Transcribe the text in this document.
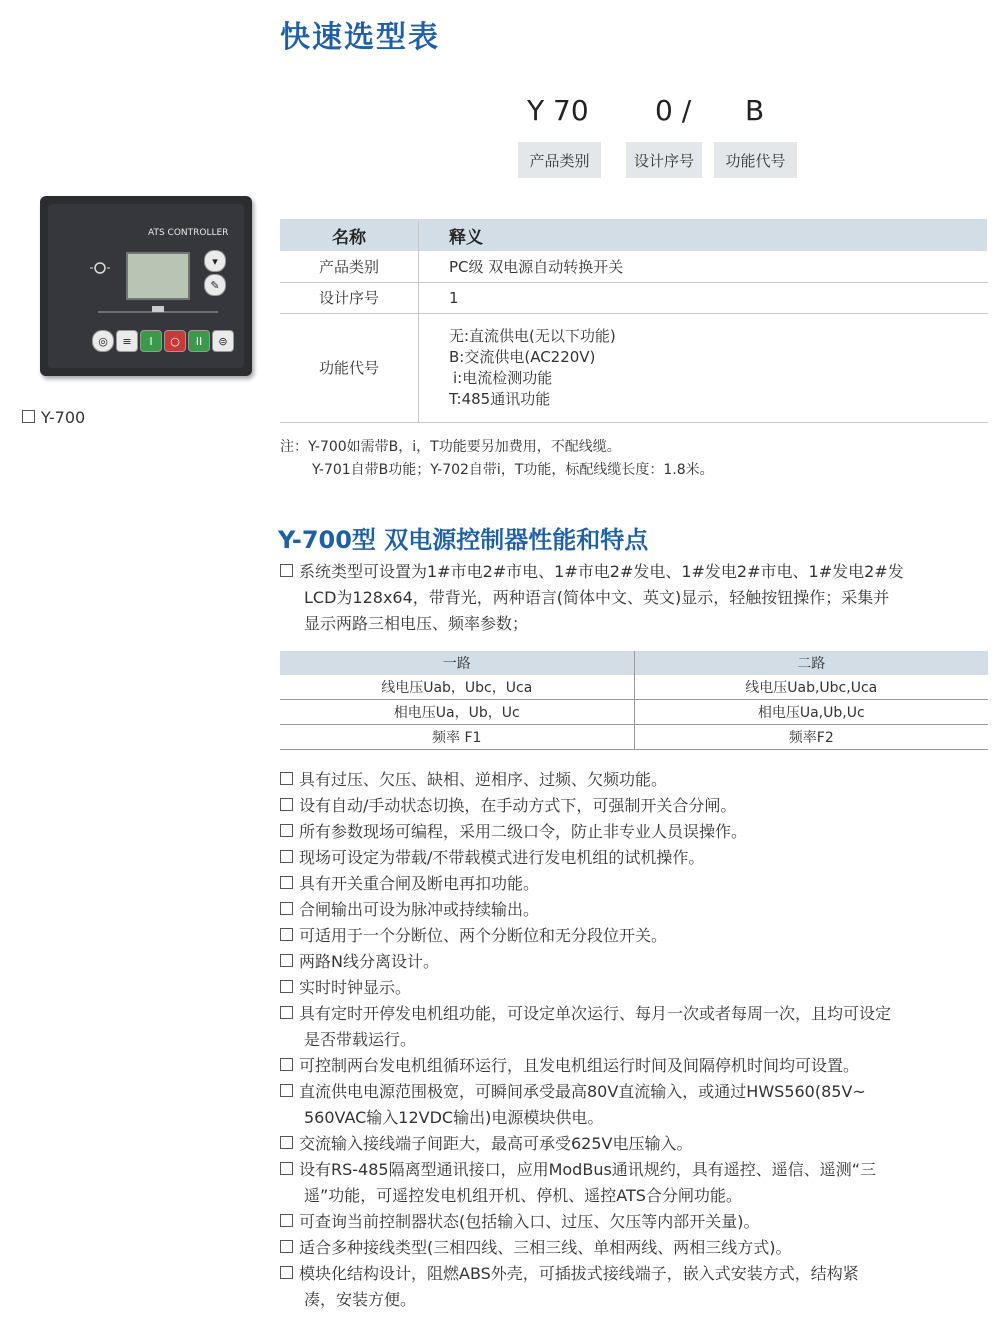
快速选型表
Y 70 0 / B
产品类别	设计序号	功能代号
ATS CONTROLLER
▾
✎
◎	≡	I	○	II	⊜
Y-700
名称	释义
产品类别	PC级 双电源自动转换开关
设计序号	1
功能代号	无:直流供电(无以下功能)
B:交流供电(AC220V)
i:电流检测功能
T:485通讯功能
注：Y-700如需带B，i，T功能要另加费用，不配线缆。
Y-701自带B功能；Y-702自带i，T功能，标配线缆长度：1.8米。
Y-700型 双电源控制器性能和特点
系统类型可设置为1#市电2#市电、1#市电2#发电、1#发电2#市电、1#发电2#发
LCD为128x64，带背光，两种语言(简体中文、英文)显示，轻触按钮操作；采集并
显示两路三相电压、频率参数；
一路	二路
线电压Uab，Ubc，Uca	线电压Uab,Ubc,Uca
相电压Ua，Ub，Uc	相电压Ua,Ub,Uc
频率 F1	频率F2
具有过压、欠压、缺相、逆相序、过频、欠频功能。
设有自动/手动状态切换，在手动方式下，可强制开关合分闸。
所有参数现场可编程，采用二级口令，防止非专业人员误操作。
现场可设定为带载/不带载模式进行发电机组的试机操作。
具有开关重合闸及断电再扣功能。
合闸输出可设为脉冲或持续输出。
可适用于一个分断位、两个分断位和无分段位开关。
两路N线分离设计。
实时时钟显示。
具有定时开停发电机组功能，可设定单次运行、每月一次或者每周一次，且均可设定
是否带载运行。
可控制两台发电机组循环运行，且发电机组运行时间及间隔停机时间均可设置。
直流供电电源范围极宽，可瞬间承受最高80V直流输入，或通过HWS560(85V~
560VAC输入12VDC输出)电源模块供电。
交流输入接线端子间距大，最高可承受625V电压输入。
设有RS-485隔离型通讯接口，应用ModBus通讯规约，具有遥控、遥信、遥测“三
遥”功能，可遥控发电机组开机、停机、遥控ATS合分闸功能。
可查询当前控制器状态(包括输入口、过压、欠压等内部开关量)。
适合多种接线类型(三相四线、三相三线、单相两线、两相三线方式)。
模块化结构设计，阻燃ABS外壳，可插拔式接线端子，嵌入式安装方式，结构紧
凑，安装方便。
